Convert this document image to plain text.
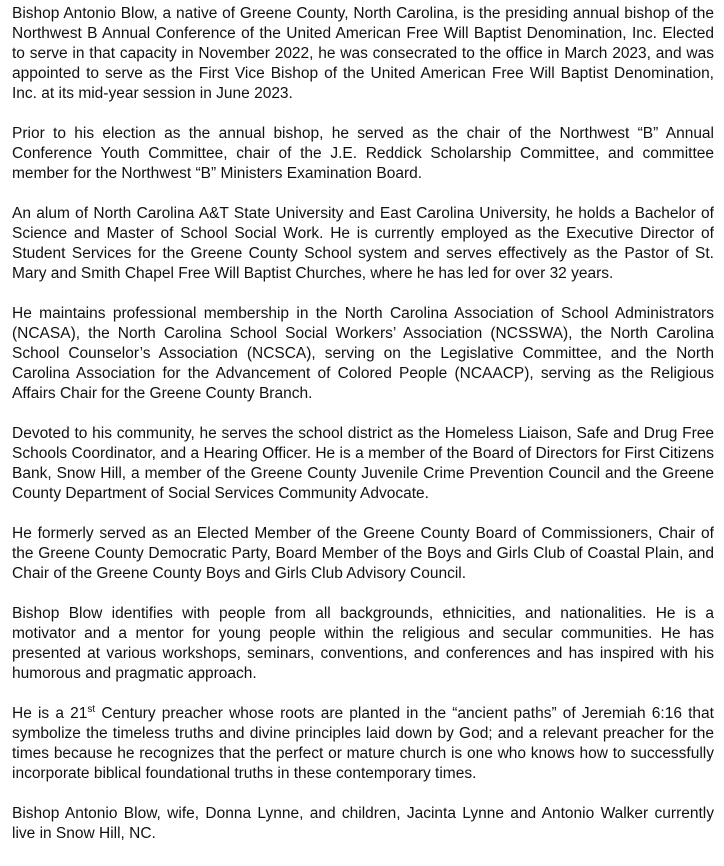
Bishop Antonio Blow, a native of Greene County, North Carolina, is the presiding annual bishop of the Northwest B Annual Conference of the United American Free Will Baptist Denomination, Inc. Elected to serve in that capacity in November 2022, he was consecrated to the office in March 2023, and was appointed to serve as the First Vice Bishop of the United American Free Will Baptist Denomination, Inc. at its mid-year session in June 2023.

Prior to his election as the annual bishop, he served as the chair of the Northwest “B” Annual Conference Youth Committee, chair of the J.E. Reddick Scholarship Committee, and committee member for the Northwest “B” Ministers Examination Board.

An alum of North Carolina A&T State University and East Carolina University, he holds a Bachelor of Science and Master of School Social Work. He is currently employed as the Executive Director of Student Services for the Greene County School system and serves effectively as the Pastor of St. Mary and Smith Chapel Free Will Baptist Churches, where he has led for over 32 years.

He maintains professional membership in the North Carolina Association of School Administrators (NCASA), the North Carolina School Social Workers’ Association (NCSSWA), the North Carolina School Counselor’s Association (NCSCA), serving on the Legislative Committee, and the North Carolina Association for the Advancement of Colored People (NCAACP), serving as the Religious Affairs Chair for the Greene County Branch.

Devoted to his community, he serves the school district as the Homeless Liaison, Safe and Drug Free Schools Coordinator, and a Hearing Officer. He is a member of the Board of Directors for First Citizens Bank, Snow Hill, a member of the Greene County Juvenile Crime Prevention Council and the Greene County Department of Social Services Community Advocate.

He formerly served as an Elected Member of the Greene County Board of Commissioners, Chair of the Greene County Democratic Party, Board Member of the Boys and Girls Club of Coastal Plain, and Chair of the Greene County Boys and Girls Club Advisory Council.

Bishop Blow identifies with people from all backgrounds, ethnicities, and nationalities. He is a motivator and a mentor for young people within the religious and secular communities. He has presented at various workshops, seminars, conventions, and conferences and has inspired with his humorous and pragmatic approach.

He is a 21st Century preacher whose roots are planted in the “ancient paths” of Jeremiah 6:16 that symbolize the timeless truths and divine principles laid down by God; and a relevant preacher for the times because he recognizes that the perfect or mature church is one who knows how to successfully incorporate biblical foundational truths in these contemporary times.

Bishop Antonio Blow, wife, Donna Lynne, and children, Jacinta Lynne and Antonio Walker currently live in Snow Hill, NC.
